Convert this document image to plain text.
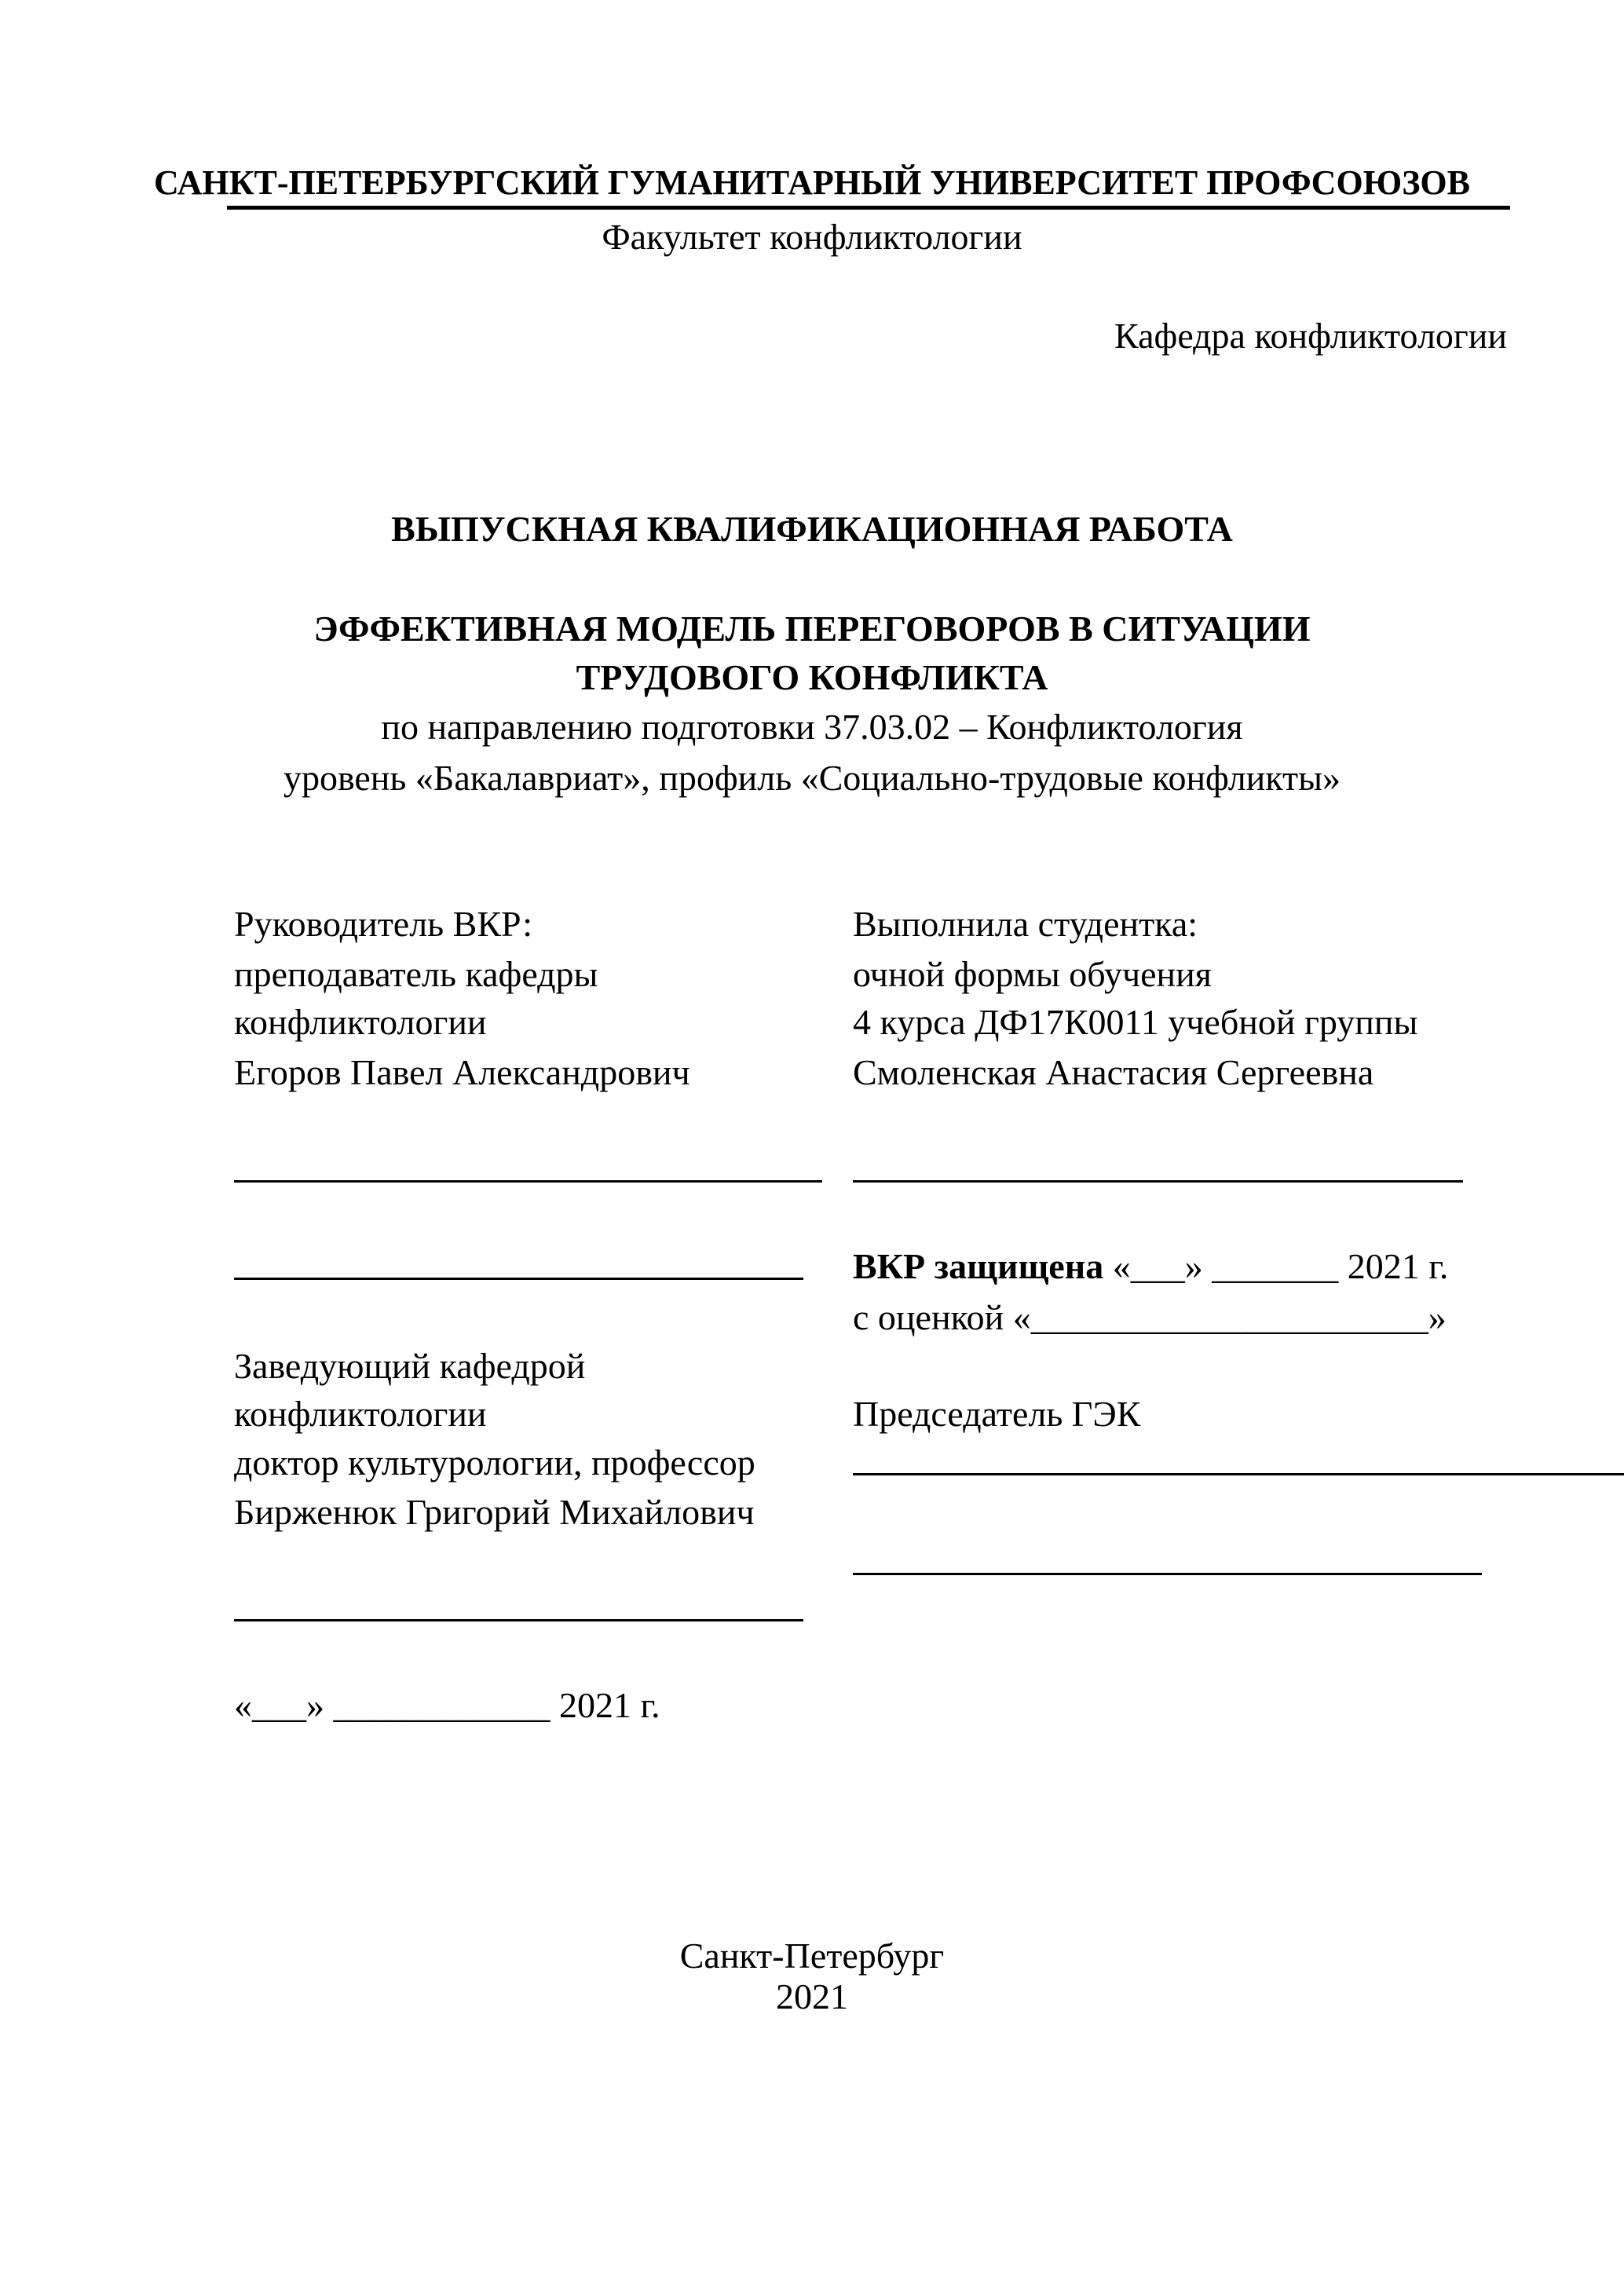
САНКТ-ПЕТЕРБУРГСКИЙ ГУМАНИТАРНЫЙ УНИВЕРСИТЕТ ПРОФСОЮЗОВ
Факультет конфликтологии
Кафедра конфликтологии
ВЫПУСКНАЯ КВАЛИФИКАЦИОННАЯ РАБОТА
ЭФФЕКТИВНАЯ МОДЕЛЬ ПЕРЕГОВОРОВ В СИТУАЦИИ
ТРУДОВОГО КОНФЛИКТА
по направлению подготовки 37.03.02 – Конфликтология
уровень «Бакалавриат», профиль «Социально-трудовые конфликты»
Руководитель ВКР:
преподаватель кафедры
конфликтологии
Егоров Павел Александрович
Заведующий кафедрой
конфликтологии
доктор культурологии, профессор
Бирженюк Григорий Михайлович
«___» ____________ 2021 г.
Выполнила студентка:
очной формы обучения
4 курса ДФ17К0011 учебной группы
Смоленская Анастасия Сергеевна
ВКР защищена «___» _______ 2021 г.
с оценкой «______________________»
Председатель ГЭК
Санкт-Петербург
2021
